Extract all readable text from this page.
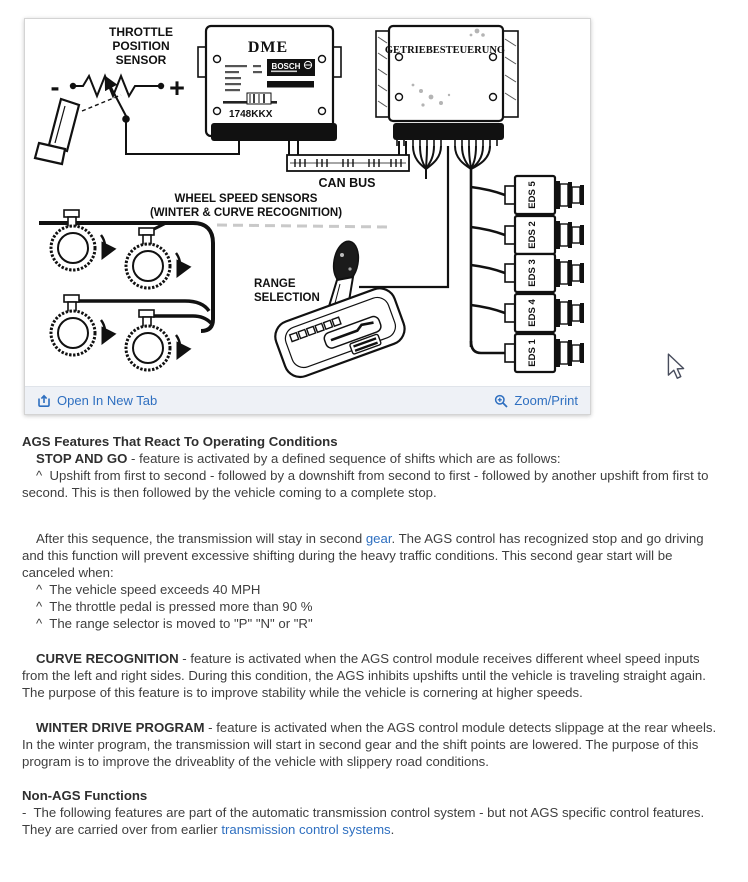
THROTTLE
POSITION
SENSOR
-	+
DME
BOSCH
1748KKX
GETRIEBESTEUERUNG
CAN BUS
WHEEL SPEED SENSORS
(WINTER & CURVE RECOGNITION)
RANGE
SELECTION
EDS 5
EDS 2
EDS 3
EDS 4
EDS 1
Open In New Tab	Zoom/Print
AGS Features That React To Operating Conditions

STOP AND GO - feature is activated by a defined sequence of shifts which are as follows:

^  Upshift from first to second - followed by a downshift from second to first - followed by another upshift from first to second. This is then followed by the vehicle coming to a complete stop.

After this sequence, the transmission will stay in second gear. The AGS control has recognized stop and go driving and this function will prevent excessive shifting during the heavy traffic conditions. This second gear start will be canceled when:

^  The vehicle speed exceeds 40 MPH

^  The throttle pedal is pressed more than 90 %

^  The range selector is moved to "P" "N" or "R"

CURVE RECOGNITION - feature is activated when the AGS control module receives different wheel speed inputs from the left and right sides. During this condition, the AGS inhibits upshifts until the vehicle is traveling straight again. The purpose of this feature is to improve stability while the vehicle is cornering at higher speeds.

WINTER DRIVE PROGRAM - feature is activated when the AGS control module detects slippage at the rear wheels. In the winter program, the transmission will start in second gear and the shift points are lowered. The purpose of this program is to improve the driveablity of the vehicle with slippery road conditions.

Non-AGS Functions

-  The following features are part of the automatic transmission control system - but not AGS specific control features. They are carried over from earlier transmission control systems.
